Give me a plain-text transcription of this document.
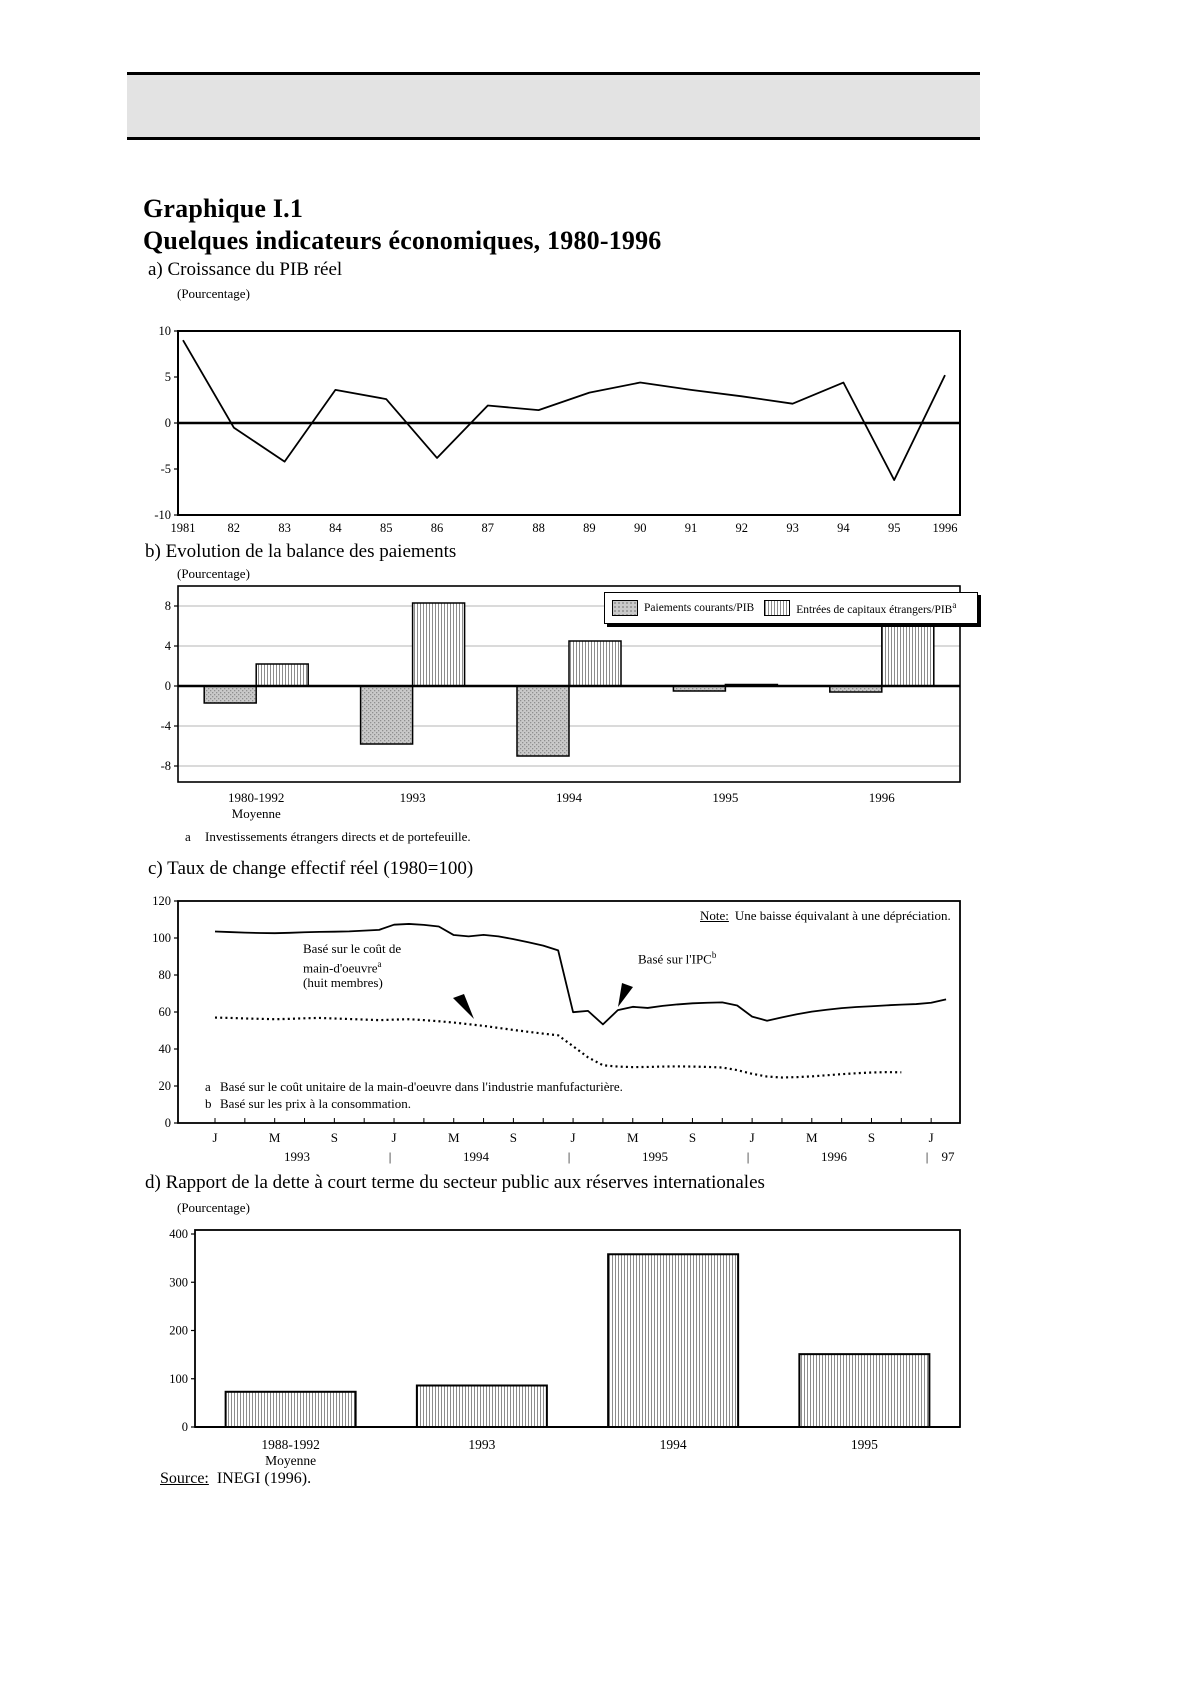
Graphique I.1
Quelques indicateurs économiques, 1980-1996
a) Croissance du PIB réel
(Pourcentage)
10
5
0
-5
-10
1981	82	83	84	85	86	87	88	89	90	91	92	93	94	95	1996
b) Evolution de la balance des paiements
(Pourcentage)
8
4
0
-4
-8
1980-1992
Moyenne
1993	1994	1995	1996
Paiements courants/PIB	Entrées de capitaux étrangers/PIB$^a$
a Investissements étrangers directs et de portefeuille.
c) Taux de change effectif réel (1980=100)
120
100
80
60
40
20
0
J	M	S	J	M	S	J	M	S	J	M	S	J
1993	|	1994	|	1995	|	1996	| 97
Note: Une baisse équivalant à une dépréciation.
Basé sur le coût de
main-d'oeuvre$^a$
(huit membres)
Basé sur l'IPC$^b$
a Basé sur le coût unitaire de la main-d'oeuvre dans l'industrie manfufacturière.
b Basé sur les prix à la consommation.
d) Rapport de la dette à court terme du secteur public aux réserves internationales
(Pourcentage)
400
300
200
100
0
1988-1992
Moyenne
1993	1994	1995
Source: INEGI (1996).
